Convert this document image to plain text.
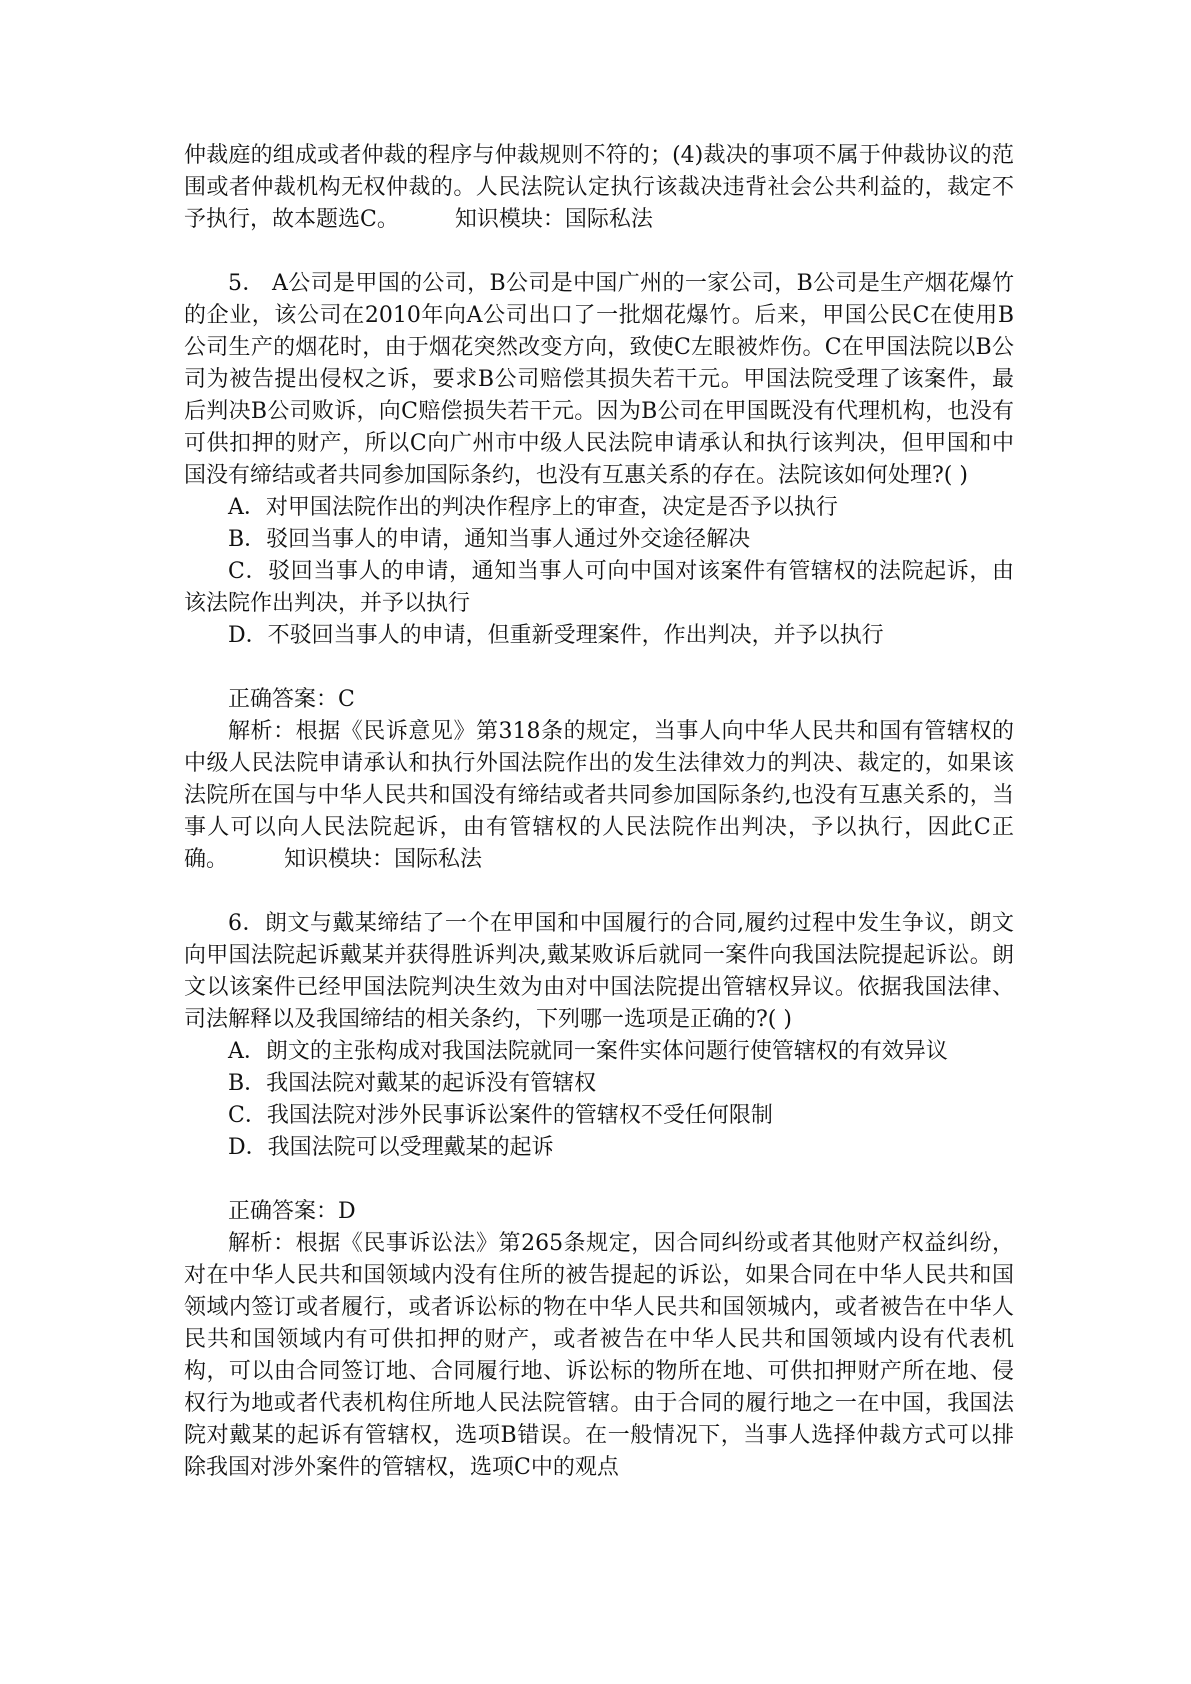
仲裁庭的组成或者仲裁的程序与仲裁规则不符的；(4)裁决的事项不属于仲裁协议的范围或者仲裁机构无权仲裁的。人民法院认定执行该裁决违背社会公共利益的，裁定不予执行，故本题选C。	知识模块：国际私法

5． A公司是甲国的公司，B公司是中国广州的一家公司，B公司是生产烟花爆竹的企业，该公司在2010年向A公司出口了一批烟花爆竹。后来，甲国公民C在使用B公司生产的烟花时，由于烟花突然改变方向，致使C左眼被炸伤。C在甲国法院以B公司为被告提出侵权之诉，要求B公司赔偿其损失若干元。甲国法院受理了该案件，最后判决B公司败诉，向C赔偿损失若干元。因为B公司在甲国既没有代理机构，也没有可供扣押的财产，所以C向广州市中级人民法院申请承认和执行该判决，但甲国和中国没有缔结或者共同参加国际条约，也没有互惠关系的存在。法院该如何处理?( )

A．对甲国法院作出的判决作程序上的审查，决定是否予以执行

B．驳回当事人的申请，通知当事人通过外交途径解决

C．驳回当事人的申请，通知当事人可向中国对该案件有管辖权的法院起诉，由该法院作出判决，并予以执行

D．不驳回当事人的申请，但重新受理案件，作出判决，并予以执行

正确答案：C

解析：根据《民诉意见》第318条的规定，当事人向中华人民共和国有管辖权的中级人民法院申请承认和执行外国法院作出的发生法律效力的判决、裁定的，如果该法院所在国与中华人民共和国没有缔结或者共同参加国际条约,也没有互惠关系的，当事人可以向人民法院起诉，由有管辖权的人民法院作出判决，予以执行，因此C正确。	知识模块：国际私法

6．朗文与戴某缔结了一个在甲国和中国履行的合同,履约过程中发生争议，朗文向甲国法院起诉戴某并获得胜诉判决,戴某败诉后就同一案件向我国法院提起诉讼。朗文以该案件已经甲国法院判决生效为由对中国法院提出管辖权异议。依据我国法律、司法解释以及我国缔结的相关条约，下列哪一选项是正确的?( )

A．朗文的主张构成对我国法院就同一案件实体问题行使管辖权的有效异议

B．我国法院对戴某的起诉没有管辖权

C．我国法院对涉外民事诉讼案件的管辖权不受任何限制

D．我国法院可以受理戴某的起诉

正确答案：D

解析：根据《民事诉讼法》第265条规定，因合同纠纷或者其他财产权益纠纷，对在中华人民共和国领域内没有住所的被告提起的诉讼，如果合同在中华人民共和国领域内签订或者履行，或者诉讼标的物在中华人民共和国领城内，或者被告在中华人民共和国领域内有可供扣押的财产，或者被告在中华人民共和国领域内设有代表机构，可以由合同签订地、合同履行地、诉讼标的物所在地、可供扣押财产所在地、侵权行为地或者代表机构住所地人民法院管辖。由于合同的履行地之一在中国，我国法院对戴某的起诉有管辖权，选项B错误。在一般情况下，当事人选择仲裁方式可以排除我国对涉外案件的管辖权，选项C中的观点
